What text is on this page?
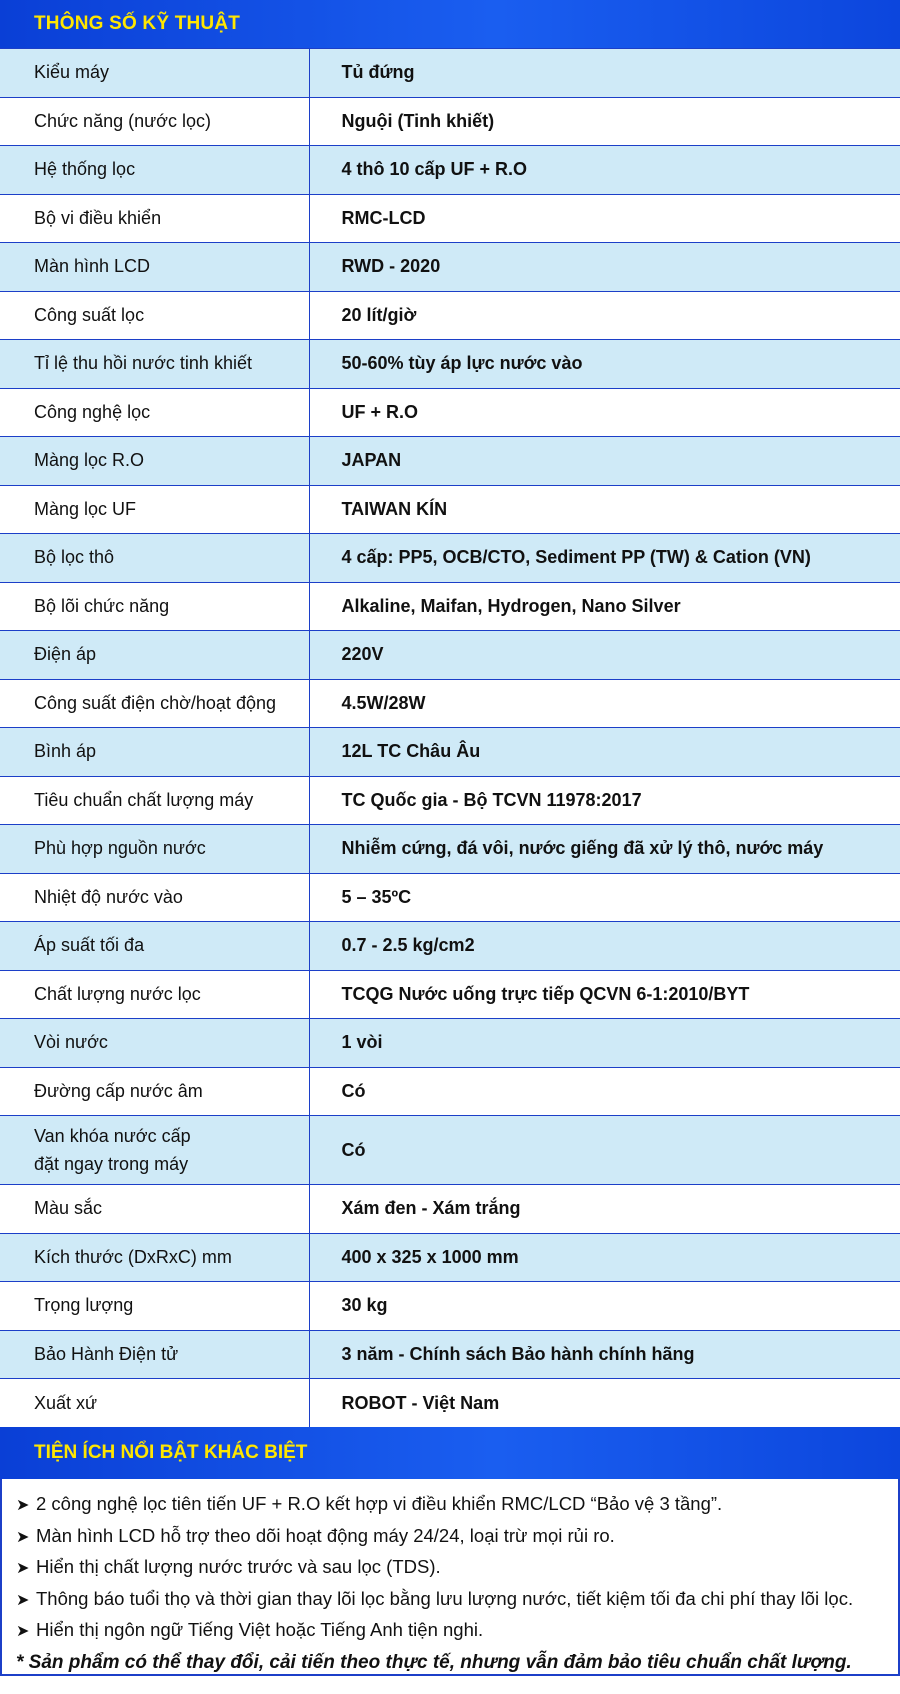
THÔNG SỐ KỸ THUẬT
Kiểu máy	Tủ đứng
Chức năng (nước lọc)	Nguội (Tinh khiết)
Hệ thống lọc	4 thô 10 cấp UF + R.O
Bộ vi điều khiển	RMC-LCD
Màn hình LCD	RWD - 2020
Công suất lọc	20 lít/giờ
Tỉ lệ thu hồi nước tinh khiết	50-60% tùy áp lực nước vào
Công nghệ lọc	UF + R.O
Màng lọc R.O	JAPAN
Màng lọc UF	TAIWAN KÍN
Bộ lọc thô	4 cấp: PP5, OCB/CTO, Sediment PP (TW) & Cation (VN)
Bộ lõi chức năng	Alkaline, Maifan, Hydrogen, Nano Silver
Điện áp	220V
Công suất điện chờ/hoạt động	4.5W/28W
Bình áp	12L TC Châu Âu
Tiêu chuẩn chất lượng máy	TC Quốc gia - Bộ TCVN 11978:2017
Phù hợp nguồn nước	Nhiễm cứng, đá vôi, nước giếng đã xử lý thô, nước máy
Nhiệt độ nước vào	5 – 35ºC
Áp suất tối đa	0.7 - 2.5 kg/cm2
Chất lượng nước lọc	TCQG Nước uống trực tiếp QCVN 6-1:2010/BYT
Vòi nước	1 vòi
Đường cấp nước âm	Có
Van khóa nước cấp
đặt ngay trong máy	Có
Màu sắc	Xám đen - Xám trắng
Kích thước (DxRxC) mm	400 x 325 x 1000 mm
Trọng lượng	30 kg
Bảo Hành Điện tử	3 năm - Chính sách Bảo hành chính hãng
Xuất xứ	ROBOT - Việt Nam
TIỆN ÍCH NỔI BẬT KHÁC BIỆT
➤ 2 công nghệ lọc tiên tiến UF + R.O kết hợp vi điều khiển RMC/LCD “Bảo vệ 3 tầng”.
➤ Màn hình LCD hỗ trợ theo dõi hoạt động máy 24/24, loại trừ mọi rủi ro.
➤ Hiển thị chất lượng nước trước và sau lọc (TDS).
➤ Thông báo tuổi thọ và thời gian thay lõi lọc bằng lưu lượng nước, tiết kiệm tối đa chi phí thay lõi lọc.
➤ Hiển thị ngôn ngữ Tiếng Việt hoặc Tiếng Anh tiện nghi.
* Sản phẩm có thể thay đổi, cải tiến theo thực tế, nhưng vẫn đảm bảo tiêu chuẩn chất lượng.
